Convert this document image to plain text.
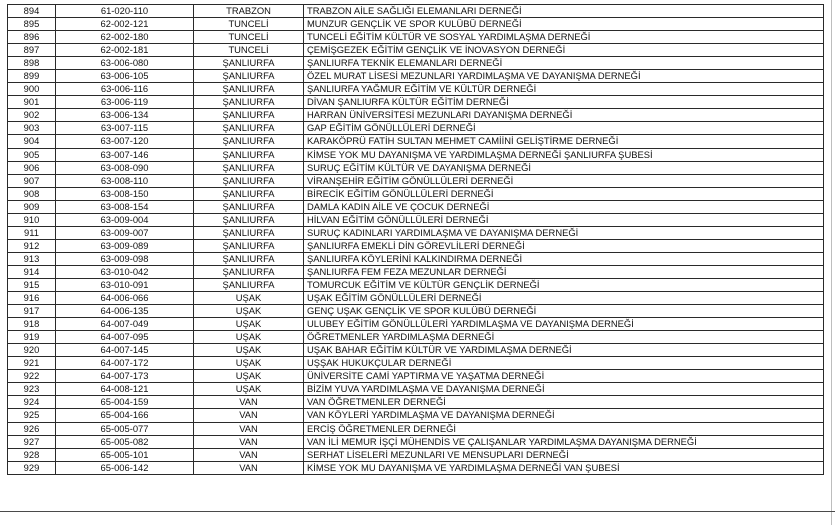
894	61-020-110	TRABZON	TRABZON AİLE SAĞLIĞI ELEMANLARI DERNEĞİ
895	62-002-121	TUNCELİ	MUNZUR GENÇLİK VE SPOR KULÜBÜ DERNEĞİ
896	62-002-180	TUNCELİ	TUNCELİ EĞİTİM KÜLTÜR VE SOSYAL YARDIMLAŞMA DERNEĞİ
897	62-002-181	TUNCELİ	ÇEMİŞGEZEK EĞİTİM GENÇLİK VE İNOVASYON DERNEĞİ
898	63-006-080	ŞANLIURFA	ŞANLIURFA TEKNİK ELEMANLARI DERNEĞİ
899	63-006-105	ŞANLIURFA	ÖZEL MURAT LİSESİ MEZUNLARI YARDIMLAŞMA VE DAYANIŞMA DERNEĞİ
900	63-006-116	ŞANLIURFA	ŞANLIURFA YAĞMUR EĞİTİM VE KÜLTÜR DERNEĞİ
901	63-006-119	ŞANLIURFA	DİVAN ŞANLIURFA KÜLTÜR EĞİTİM DERNEĞİ
902	63-006-134	ŞANLIURFA	HARRAN ÜNİVERSİTESİ MEZUNLARI DAYANIŞMA DERNEĞİ
903	63-007-115	ŞANLIURFA	GAP EĞİTİM GÖNÜLLÜLERİ DERNEĞİ
904	63-007-120	ŞANLIURFA	KARAKÖPRÜ FATİH SULTAN MEHMET CAMİİNİ GELİŞTİRME DERNEĞİ
905	63-007-146	ŞANLIURFA	KİMSE YOK MU DAYANIŞMA VE YARDIMLAŞMA DERNEĞİ ŞANLIURFA ŞUBESİ
906	63-008-090	ŞANLIURFA	SURUÇ EĞİTİM KÜLTÜR VE DAYANIŞMA DERNEĞİ
907	63-008-110	ŞANLIURFA	VİRANŞEHİR EĞİTİM GÖNÜLLÜLERİ DERNEĞİ
908	63-008-150	ŞANLIURFA	BİRECİK EĞİTİM GÖNÜLLÜLERİ DERNEĞİ
909	63-008-154	ŞANLIURFA	DAMLA KADIN AİLE VE ÇOCUK DERNEĞİ
910	63-009-004	ŞANLIURFA	HİLVAN EĞİTİM GÖNÜLLÜLERİ DERNEĞİ
911	63-009-007	ŞANLIURFA	SURUÇ KADINLARI YARDIMLAŞMA VE DAYANIŞMA DERNEĞİ
912	63-009-089	ŞANLIURFA	ŞANLIURFA EMEKLİ DİN GÖREVLİLERİ DERNEĞİ
913	63-009-098	ŞANLIURFA	ŞANLIURFA KÖYLERİNİ KALKINDIRMA DERNEĞİ
914	63-010-042	ŞANLIURFA	ŞANLIURFA FEM FEZA MEZUNLAR DERNEĞİ
915	63-010-091	ŞANLIURFA	TOMURCUK EĞİTİM VE KÜLTÜR GENÇLİK DERNEĞİ
916	64-006-066	UŞAK	UŞAK EĞİTİM GÖNÜLLÜLERİ DERNEĞİ
917	64-006-135	UŞAK	GENÇ UŞAK GENÇLİK VE SPOR KULÜBÜ DERNEĞİ
918	64-007-049	UŞAK	ULUBEY EĞİTİM GÖNÜLLÜLERİ YARDIMLAŞMA VE DAYANIŞMA DERNEĞİ
919	64-007-095	UŞAK	ÖĞRETMENLER YARDIMLAŞMA DERNEĞİ
920	64-007-145	UŞAK	UŞAK BAHAR EĞİTİM KÜLTÜR VE YARDIMLAŞMA DERNEĞİ
921	64-007-172	UŞAK	UŞŞAK HUKUKÇULAR DERNEĞİ
922	64-007-173	UŞAK	ÜNİVERSİTE CAMİ YAPTIRMA VE YAŞATMA DERNEĞİ
923	64-008-121	UŞAK	BİZİM YUVA YARDIMLAŞMA VE DAYANIŞMA DERNEĞİ
924	65-004-159	VAN	VAN ÖĞRETMENLER DERNEĞİ
925	65-004-166	VAN	VAN KÖYLERİ YARDIMLAŞMA VE DAYANIŞMA DERNEĞİ
926	65-005-077	VAN	ERCİŞ ÖĞRETMENLER DERNEĞİ
927	65-005-082	VAN	VAN İLİ MEMUR İŞÇİ MÜHENDİS VE ÇALIŞANLAR YARDIMLAŞMA DAYANIŞMA DERNEĞİ
928	65-005-101	VAN	SERHAT LİSELERİ MEZUNLARI VE MENSUPLARI DERNEĞİ
929	65-006-142	VAN	KİMSE YOK MU DAYANIŞMA VE YARDIMLAŞMA DERNEĞİ VAN ŞUBESİ
